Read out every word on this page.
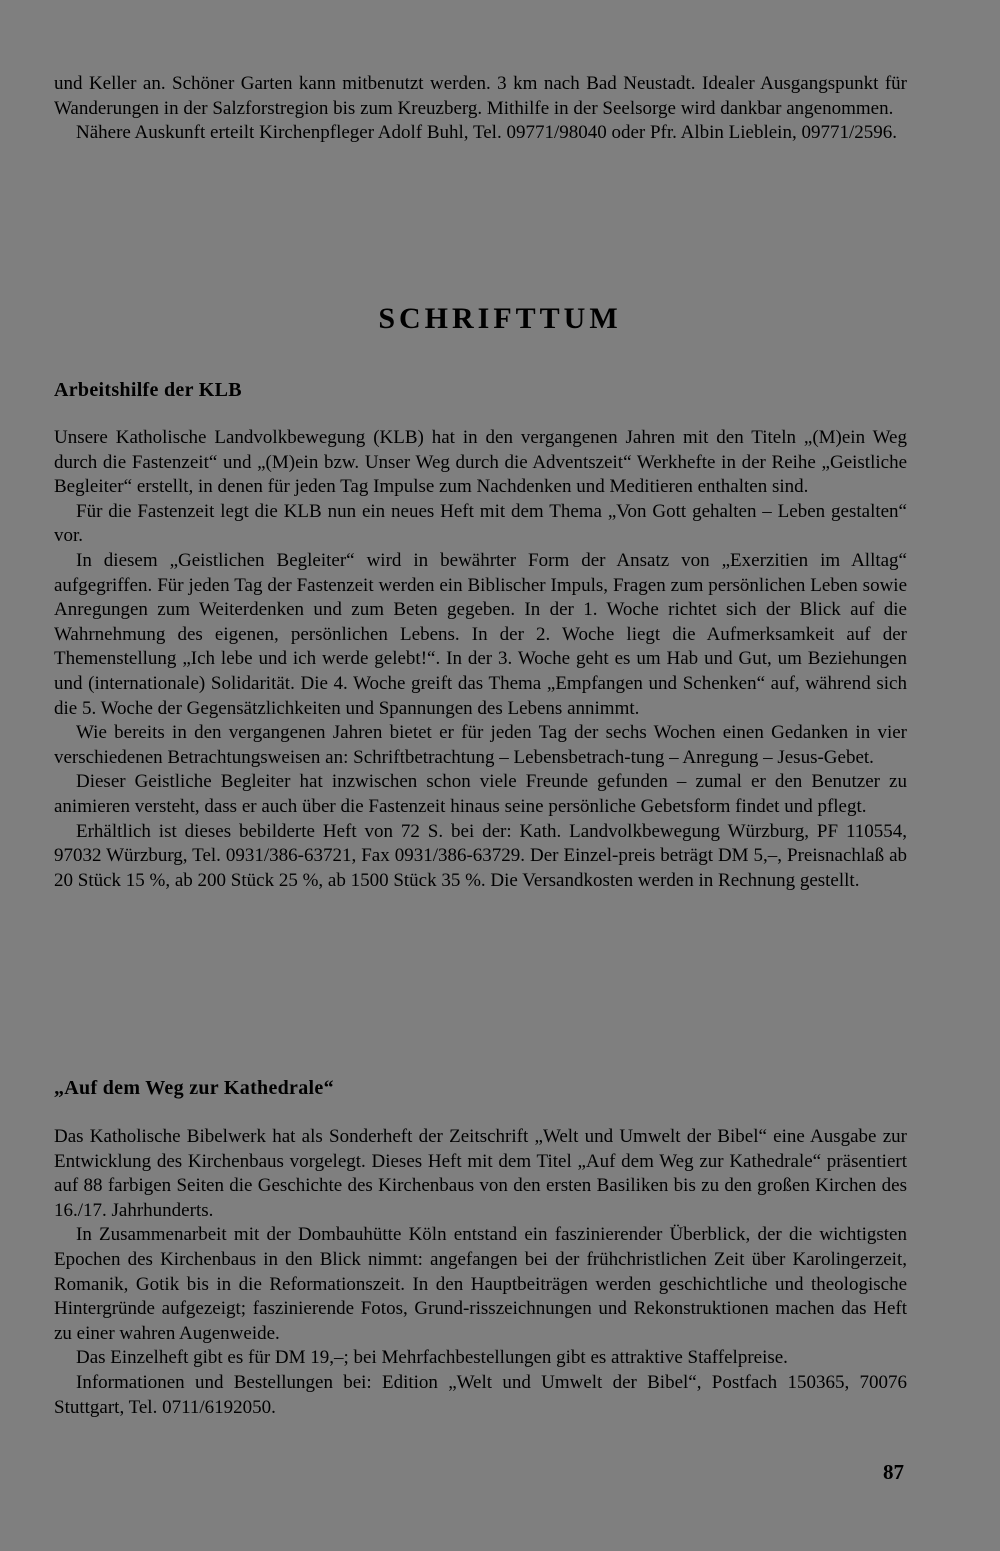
und Keller an. Schöner Garten kann mitbenutzt werden. 3 km nach Bad Neustadt. Idealer Ausgangspunkt für Wanderungen in der Salzforstregion bis zum Kreuzberg. Mithilfe in der Seelsorge wird dankbar angenommen.

Nähere Auskunft erteilt Kirchenpfleger Adolf Buhl, Tel. 09771/98040 oder Pfr. Albin Lieblein, 09771/2596.

SCHRIFTTUM
Arbeitshilfe der KLB

Unsere Katholische Landvolkbewegung (KLB) hat in den vergangenen Jahren mit den Titeln „(M)ein Weg durch die Fastenzeit“ und „(M)ein bzw. Unser Weg durch die Adventszeit“ Werkhefte in der Reihe „Geistliche Begleiter“ erstellt, in denen für jeden Tag Impulse zum Nachdenken und Meditieren enthalten sind.

Für die Fastenzeit legt die KLB nun ein neues Heft mit dem Thema „Von Gott gehalten – Leben gestalten“ vor.

In diesem „Geistlichen Begleiter“ wird in bewährter Form der Ansatz von „Exerzitien im Alltag“ aufgegriffen. Für jeden Tag der Fastenzeit werden ein Biblischer Impuls, Fragen zum persönlichen Leben sowie Anregungen zum Weiterdenken und zum Beten gegeben. In der 1. Woche richtet sich der Blick auf die Wahrnehmung des eigenen, persönlichen Lebens. In der 2. Woche liegt die Aufmerksamkeit auf der Themenstellung „Ich lebe und ich werde gelebt!“. In der 3. Woche geht es um Hab und Gut, um Beziehungen und (internationale) Solidarität. Die 4. Woche greift das Thema „Empfangen und Schenken“ auf, während sich die 5. Woche der Gegensätzlichkeiten und Spannungen des Lebens annimmt.

Wie bereits in den vergangenen Jahren bietet er für jeden Tag der sechs Wochen einen Gedanken in vier verschiedenen Betrachtungsweisen an: Schriftbetrachtung – Lebensbetrach-tung – Anregung – Jesus-Gebet.

Dieser Geistliche Begleiter hat inzwischen schon viele Freunde gefunden – zumal er den Benutzer zu animieren versteht, dass er auch über die Fastenzeit hinaus seine persönliche Gebetsform findet und pflegt.

Erhältlich ist dieses bebilderte Heft von 72 S. bei der: Kath. Landvolkbewegung Würzburg, PF 110554, 97032 Würzburg, Tel. 0931/386-63721, Fax 0931/386-63729. Der Einzel-preis beträgt DM 5,–, Preisnachlaß ab 20 Stück 15 %, ab 200 Stück 25 %, ab 1500 Stück 35 %. Die Versandkosten werden in Rechnung gestellt.

„Auf dem Weg zur Kathedrale“

Das Katholische Bibelwerk hat als Sonderheft der Zeitschrift „Welt und Umwelt der Bibel“ eine Ausgabe zur Entwicklung des Kirchenbaus vorgelegt. Dieses Heft mit dem Titel „Auf dem Weg zur Kathedrale“ präsentiert auf 88 farbigen Seiten die Geschichte des Kirchenbaus von den ersten Basiliken bis zu den großen Kirchen des 16./17. Jahrhunderts.

In Zusammenarbeit mit der Dombauhütte Köln entstand ein faszinierender Überblick, der die wichtigsten Epochen des Kirchenbaus in den Blick nimmt: angefangen bei der frühchristlichen Zeit über Karolingerzeit, Romanik, Gotik bis in die Reformationszeit. In den Hauptbeiträgen werden geschichtliche und theologische Hintergründe aufgezeigt; faszinierende Fotos, Grund-risszeichnungen und Rekonstruktionen machen das Heft zu einer wahren Augenweide.

Das Einzelheft gibt es für DM 19,–; bei Mehrfachbestellungen gibt es attraktive Staffelpreise.

Informationen und Bestellungen bei: Edition „Welt und Umwelt der Bibel“, Postfach 150365, 70076 Stuttgart, Tel. 0711/6192050.

87
